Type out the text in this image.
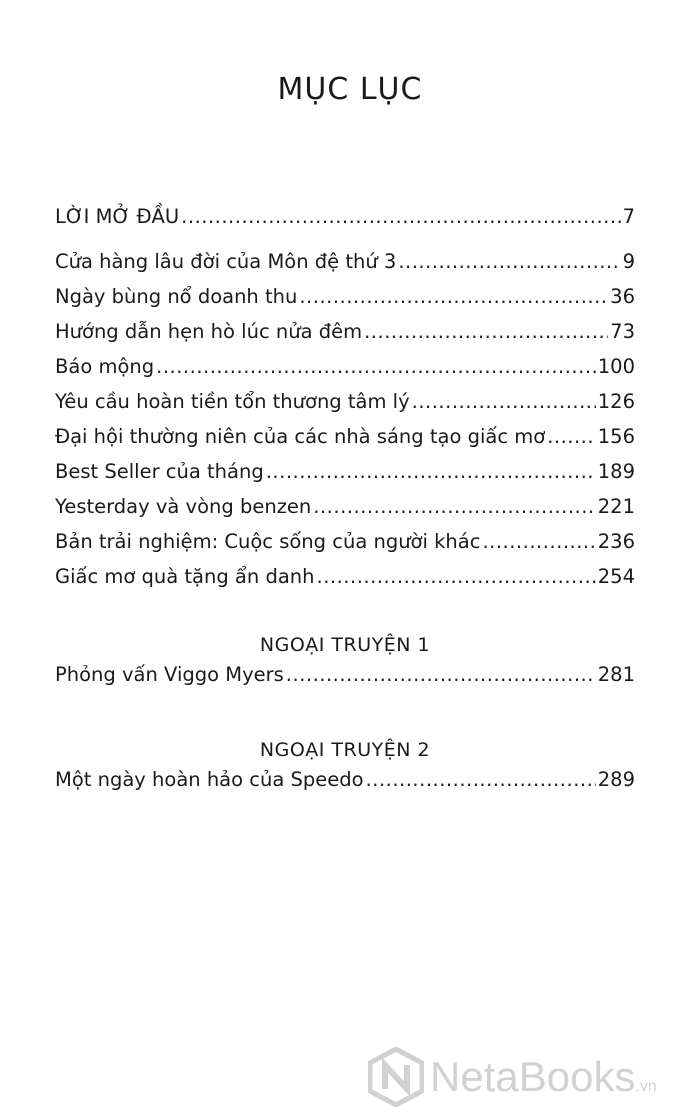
MỤC LỤC
LỜI MỞ ĐẦU .....	7
Cửa hàng lâu đời của Môn đệ thứ 3 .....	9
Ngày bùng nổ doanh thu .....	36
Hướng dẫn hẹn hò lúc nửa đêm .....	73
Báo mộng .....	100
Yêu cầu hoàn tiền tổn thương tâm lý .....	126
Đại hội thường niên của các nhà sáng tạo giấc mơ .....	156
Best Seller của tháng .....	189
Yesterday và vòng benzen .....	221
Bản trải nghiệm: Cuộc sống của người khác .....	236
Giấc mơ quà tặng ẩn danh .....	254
NGOẠI TRUYỆN 1
Phỏng vấn Viggo Myers .....	281
NGOẠI TRUYỆN 2
Một ngày hoàn hảo của Speedo .....	289
NetaBooks.vn
